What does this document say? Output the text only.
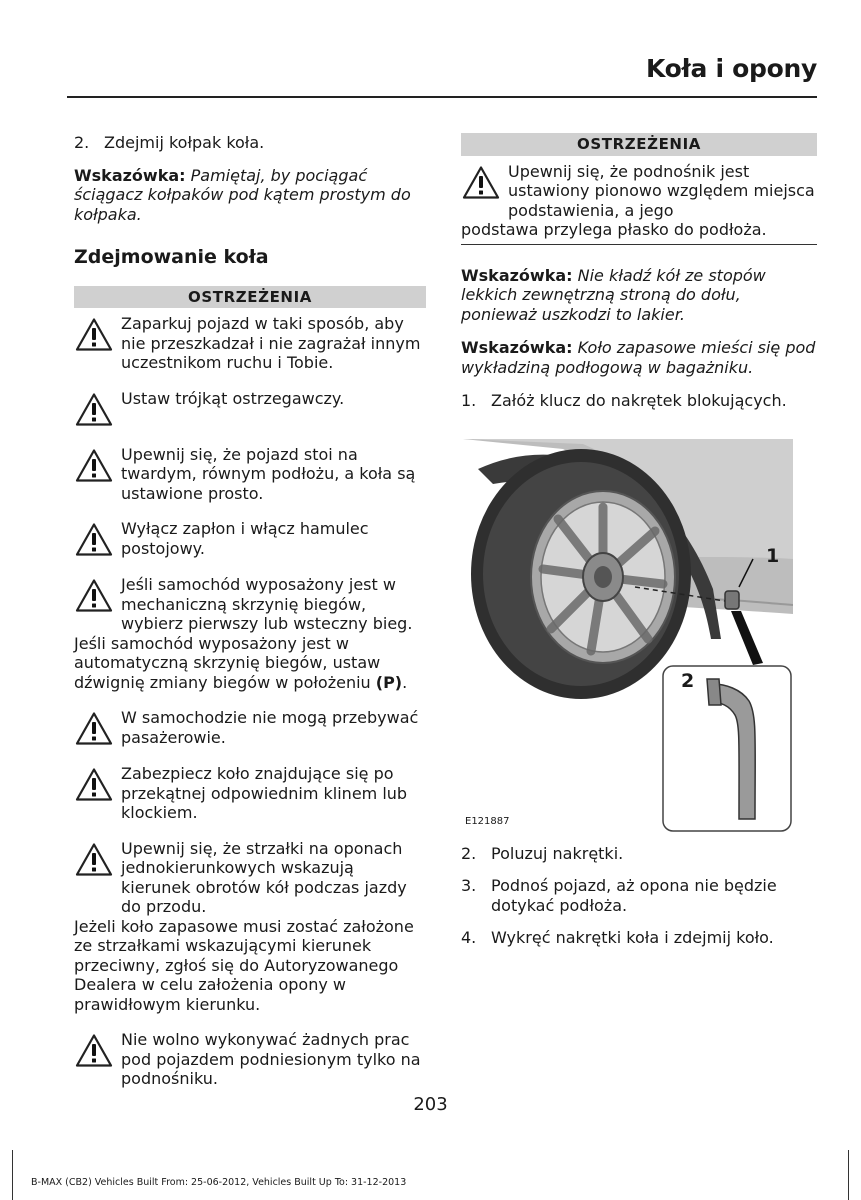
Koła i opony
2. Zdejmij kołpak koła.

Wskazówka: Pamiętaj, by pociągać ściągacz kołpaków pod kątem prostym do kołpaka.

Zdejmowanie koła
OSTRZEŻENIA
Zaparkuj pojazd w taki sposób, aby nie przeszkadzał i nie zagrażał innym uczestnikom ruchu i Tobie.
Ustaw trójkąt ostrzegawczy.
Upewnij się, że pojazd stoi na twardym, równym podłożu, a koła są ustawione prosto.
Wyłącz zapłon i włącz hamulec postojowy.
Jeśli samochód wyposażony jest w mechaniczną skrzynię biegów, wybierz pierwszy lub wsteczny bieg.
Jeśli samochód wyposażony jest w automatyczną skrzynię biegów, ustaw dźwignię zmiany biegów w położeniu (P).
W samochodzie nie mogą przebywać pasażerowie.
Zabezpiecz koło znajdujące się po przekątnej odpowiednim klinem lub klockiem.
Upewnij się, że strzałki na oponach jednokierunkowych wskazują kierunek obrotów kół podczas jazdy do przodu.
Jeżeli koło zapasowe musi zostać założone ze strzałkami wskazującymi kierunek przeciwny, zgłoś się do Autoryzowanego Dealera w celu założenia opony w prawidłowym kierunku.
Nie wolno wykonywać żadnych prac pod pojazdem podniesionym tylko na podnośniku.
OSTRZEŻENIA
Upewnij się, że podnośnik jest ustawiony pionowo względem miejsca podstawienia, a jego
podstawa przylega płasko do podłoża.

Wskazówka: Nie kładź kół ze stopów lekkich zewnętrzną stroną do dołu, ponieważ uszkodzi to lakier.

Wskazówka: Koło zapasowe mieści się pod wykładziną podłogową w bagażniku.

1. Załóż klucz do nakrętek blokujących.
1
2
E121887
2. Poluzuj nakrętki.
3. Podnoś pojazd, aż opona nie będzie dotykać podłoża.
4. Wykręć nakrętki koła i zdejmij koło.

203

B-MAX (CB2) Vehicles Built From: 25-06-2012, Vehicles Built Up To: 31-12-2013
